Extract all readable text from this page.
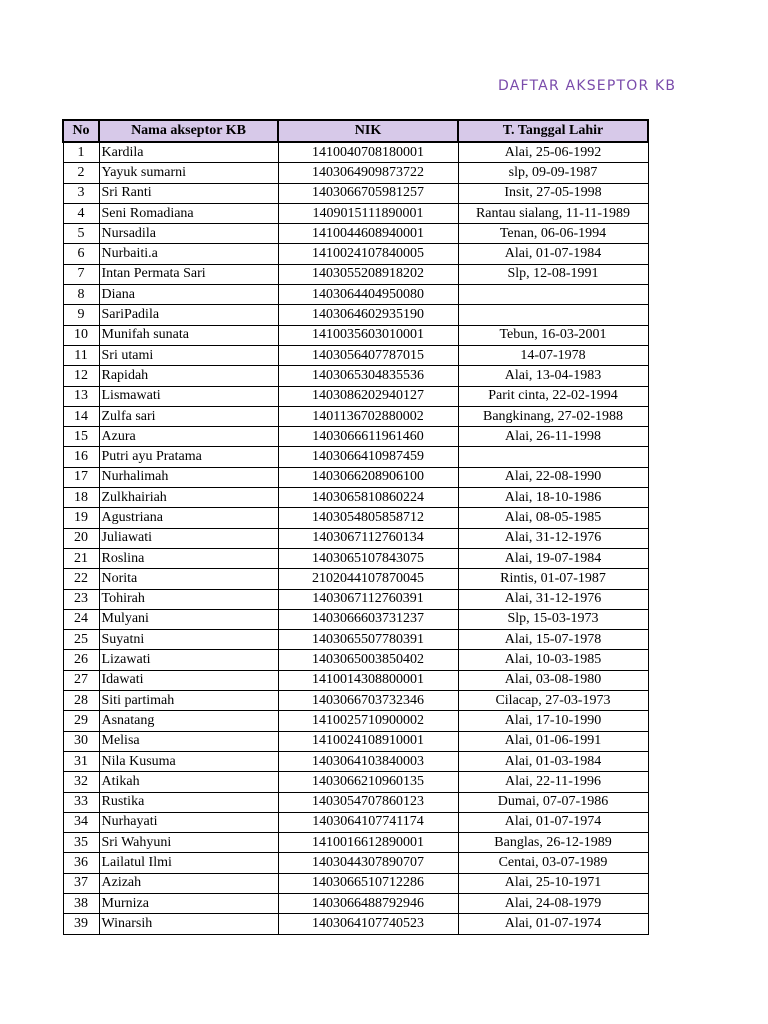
DAFTAR AKSEPTOR KB
No	Nama akseptor KB	NIK	T. Tanggal Lahir
1	Kardila	1410040708180001	Alai, 25-06-1992
2	Yayuk sumarni	1403064909873722	slp, 09-09-1987
3	Sri Ranti	1403066705981257	Insit, 27-05-1998
4	Seni Romadiana	1409015111890001	Rantau sialang, 11-11-1989
5	Nursadila	1410044608940001	Tenan, 06-06-1994
6	Nurbaiti.a	1410024107840005	Alai, 01-07-1984
7	Intan Permata Sari	1403055208918202	Slp, 12-08-1991
8	Diana	1403064404950080	
9	SariPadila	1403064602935190	
10	Munifah sunata	1410035603010001	Tebun, 16-03-2001
11	Sri utami	1403056407787015	14-07-1978
12	Rapidah	1403065304835536	Alai, 13-04-1983
13	Lismawati	1403086202940127	Parit cinta, 22-02-1994
14	Zulfa sari	1401136702880002	Bangkinang, 27-02-1988
15	Azura	1403066611961460	Alai, 26-11-1998
16	Putri ayu Pratama	1403066410987459	
17	Nurhalimah	1403066208906100	Alai, 22-08-1990
18	Zulkhairiah	1403065810860224	Alai, 18-10-1986
19	Agustriana	1403054805858712	Alai, 08-05-1985
20	Juliawati	1403067112760134	Alai, 31-12-1976
21	Roslina	1403065107843075	Alai, 19-07-1984
22	Norita	2102044107870045	Rintis, 01-07-1987
23	Tohirah	1403067112760391	Alai, 31-12-1976
24	Mulyani	1403066603731237	Slp, 15-03-1973
25	Suyatni	1403065507780391	Alai, 15-07-1978
26	Lizawati	1403065003850402	Alai, 10-03-1985
27	Idawati	1410014308800001	Alai, 03-08-1980
28	Siti partimah	1403066703732346	Cilacap, 27-03-1973
29	Asnatang	1410025710900002	Alai, 17-10-1990
30	Melisa	1410024108910001	Alai, 01-06-1991
31	Nila Kusuma	1403064103840003	Alai, 01-03-1984
32	Atikah	1403066210960135	Alai, 22-11-1996
33	Rustika	1403054707860123	Dumai, 07-07-1986
34	Nurhayati	1403064107741174	Alai, 01-07-1974
35	Sri Wahyuni	1410016612890001	Banglas, 26-12-1989
36	Lailatul Ilmi	1403044307890707	Centai, 03-07-1989
37	Azizah	1403066510712286	Alai, 25-10-1971
38	Murniza	1403066488792946	Alai, 24-08-1979
39	Winarsih	1403064107740523	Alai, 01-07-1974
